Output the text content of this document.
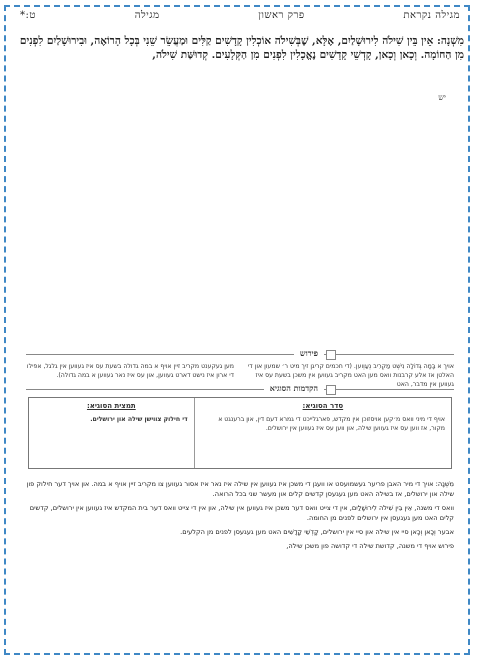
מגילה נקראת
פרק ראשון
מגילה
ט:*
מִשְׁנָה: אֵין בֵּין שִׁילֹה לִירוּשָׁלַיִם, אֶלָּא, שֶׁבְּשִׁילֹה אוֹכְלִין קָדָשִׁים קַלִּים וּמַעֲשֵׂר שֵׁנִי בְּכָל הָרוֹאֶה, וּבִירוּשָׁלַיִם לִפְנִים מִן הַחוֹמָה. וְכָאן וְכָאן, קָדְשֵׁי קָדָשִׁים נֶאֱכָלִין לִפְנִים מִן הַקְּלָעִים. קְדוּשַּׁת שִׁילֹה,
יש
פירוש
אויך א בָּמָה גְּדוֹלָה נִישְׁט מַקְרִיב נְעַוְוען. (די חכמים קריגן זיך מיט ר׳ שמעון און די האלטן אז אלע קרבנות וואס מען האט מקריב געווען אין משכן בשעת עס איז געווען אין מדבר, האט
מען געקענט מקריב זיין אויף א במה גדולה בשעת עס איז געווען אין גלגל, אפילו די ארון איז נישט דארט געווען, און עס איז נאר געווען א במה גדולה).
הקדמות הסוגיא
סדר הסוגיא:
אויף די מיני וואס מ׳קען אויסזוכן אין מקדש, פארגלייכט די גמרא דעם דין, און ברענגט א מקור, אז ווען עס איז געווען שילה, און ווען עס איז געווען אין ירושלים.
תמצית הסוגיא:
די חילוק צווישן שילה און ירושלים.

מִשְׁנָה: אויך די מיר האבן פריער געשמועסט או וועגן די משכן איז געווען אין שילה איז נאר איז אסור געווען צו מקריב זיין אויף א במה. און אויך דער חילוק פון שילה און ירושלים, אז בשילה האט מען געגעסן קדשים קלים און מעשר שני בכל הרואה.

וואס די משנה, אֵין בֵּין שִׁילֹה לִירוּשָׁלַיִם, אין די צייט וואס דער משכן איז געווען אין שילה, און אין די צייט וואס דער בית המקדש איז געווען אין ירושלים, קדשים קלים האט מען געגעסן אין ירושלים לפנים מן החומה.

אבער וְכָאן וְכָאן סיי אין שילה און סיי אין ירושלים, קָדְשֵׁי קָדָשִׁים האט מען געגעסן לפנים מן הקלעים.

פירוש אויף די משנה, קדושת שילה די קדושה פון משכן שילה,
